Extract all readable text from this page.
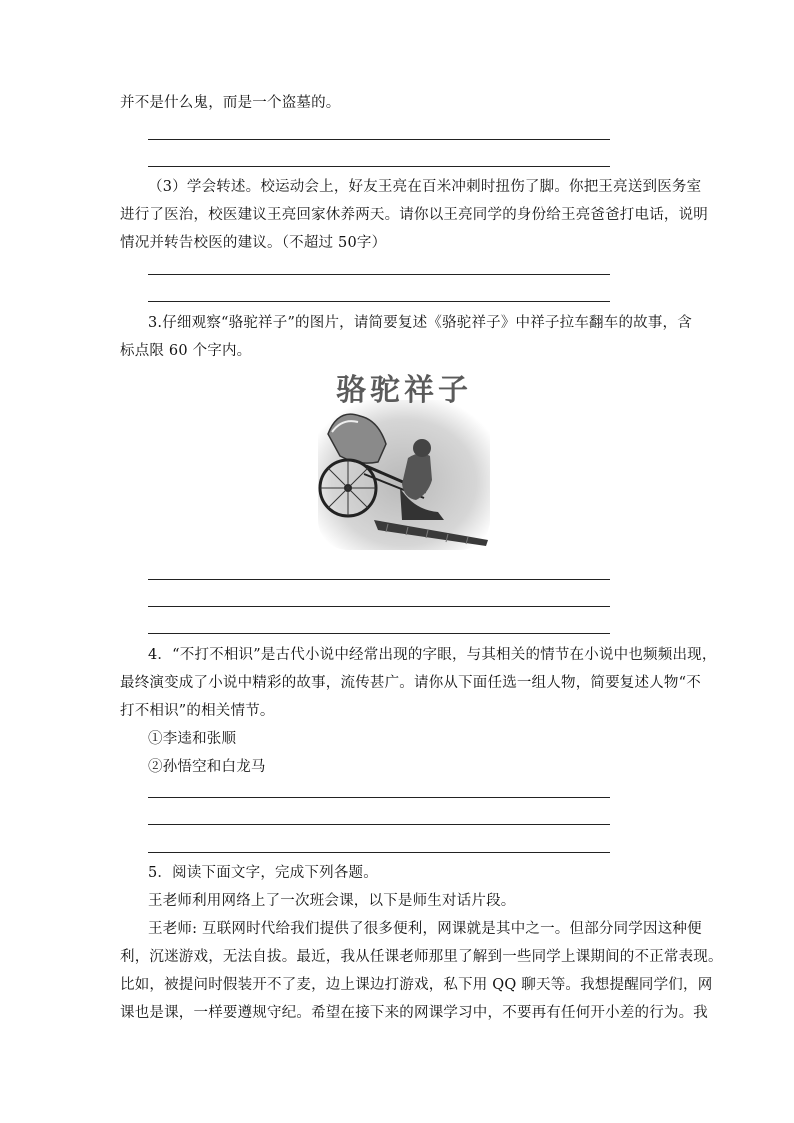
并不是什么鬼，而是一个盗墓的。

（3）学会转述。校运动会上，好友王亮在百米冲刺时扭伤了脚。你把王亮送到医务室

进行了医治，校医建议王亮回家休养两天。请你以王亮同学的身份给王亮爸爸打电话，说明

情况并转告校医的建议。（不超过 50字）

3.仔细观察“骆驼祥子”的图片，请简要复述《骆驼祥子》中祥子拉车翻车的故事，含

标点限 60 个字内。

骆驼祥子

4．“不打不相识”是古代小说中经常出现的字眼，与其相关的情节在小说中也频频出现，

最终演变成了小说中精彩的故事，流传甚广。请你从下面任选一组人物，简要复述人物“不

打不相识”的相关情节。

①李逵和张顺

②孙悟空和白龙马

5．阅读下面文字，完成下列各题。

王老师利用网络上了一次班会课，以下是师生对话片段。

王老师: 互联网时代给我们提供了很多便利，网课就是其中之一。但部分同学因这种便

利，沉迷游戏，无法自拔。最近，我从任课老师那里了解到一些同学上课期间的不正常表现。

比如，被提问时假装开不了麦，边上课边打游戏，私下用 QQ 聊天等。我想提醒同学们，网

课也是课，一样要遵规守纪。希望在接下来的网课学习中，不要再有任何开小差的行为。我
